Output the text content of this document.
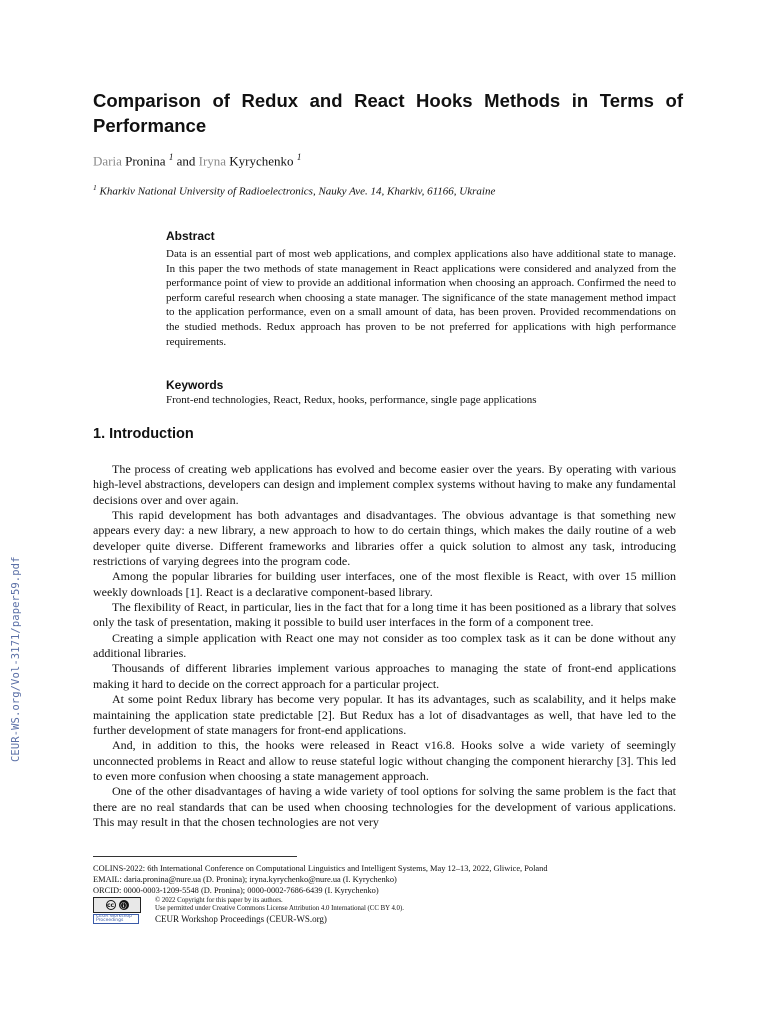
CEUR-WS.org/Vol-3171/paper59.pdf
Comparison of Redux and React Hooks Methods in Terms of Performance
Daria Pronina $^1$ and Iryna Kyrychenko $^1$
$^1$ Kharkiv National University of Radioelectronics, Nauky Ave. 14, Kharkiv, 61166, Ukraine
Abstract
Data is an essential part of most web applications, and complex applications also have additional state to manage. In this paper the two methods of state management in React applications were considered and analyzed from the performance point of view to provide an additional information when choosing an approach. Confirmed the need to perform careful research when choosing a state manager. The significance of the state management method impact to the application performance, even on a small amount of data, has been proven. Provided recommendations on the studied methods. Redux approach has proven to be not preferred for applications with high performance requirements.
Keywords
Front-end technologies, React, Redux, hooks, performance, single page applications
1. Introduction

The process of creating web applications has evolved and become easier over the years. By operating with various high-level abstractions, developers can design and implement complex systems without having to make any fundamental decisions over and over again.

This rapid development has both advantages and disadvantages. The obvious advantage is that something new appears every day: a new library, a new approach to how to do certain things, which makes the daily routine of a web developer quite diverse. Different frameworks and libraries offer a quick solution to almost any task, introducing restrictions of varying degrees into the program code.

Among the popular libraries for building user interfaces, one of the most flexible is React, with over 15 million weekly downloads [1]. React is a declarative component-based library.

The flexibility of React, in particular, lies in the fact that for a long time it has been positioned as a library that solves only the task of presentation, making it possible to build user interfaces in the form of a component tree.

Creating a simple application with React one may not consider as too complex task as it can be done without any additional libraries.

Thousands of different libraries implement various approaches to managing the state of front-end applications making it hard to decide on the correct approach for a particular project.

At some point Redux library has become very popular. It has its advantages, such as scalability, and it helps make maintaining the application state predictable [2]. But Redux has a lot of disadvantages as well, that have led to the further development of state managers for front-end applications.

And, in addition to this, the hooks were released in React v16.8. Hooks solve a wide variety of seemingly unconnected problems in React and allow to reuse stateful logic without changing the component hierarchy [3]. This led to even more confusion when choosing a state management approach.

One of the other disadvantages of having a wide variety of tool options for solving the same problem is the fact that there are no real standards that can be used when choosing technologies for the development of various applications. This may result in that the chosen technologies are not very

COLINS-2022: 6th International Conference on Computational Linguistics and Intelligent Systems, May 12–13, 2022, Gliwice, Poland
EMAIL: daria.pronina@nure.ua (D. Pronina); iryna.kyrychenko@nure.ua (I. Kyrychenko)
ORCID: 0000-0003-1209-5548 (D. Pronina); 0000-0002-7686-6439 (I. Kyrychenko)
cc	ⓘ
CEUR Workshop Proceedings
© 2022 Copyright for this paper by its authors.
Use permitted under Creative Commons License Attribution 4.0 International (CC BY 4.0).
CEUR Workshop Proceedings (CEUR-WS.org)
